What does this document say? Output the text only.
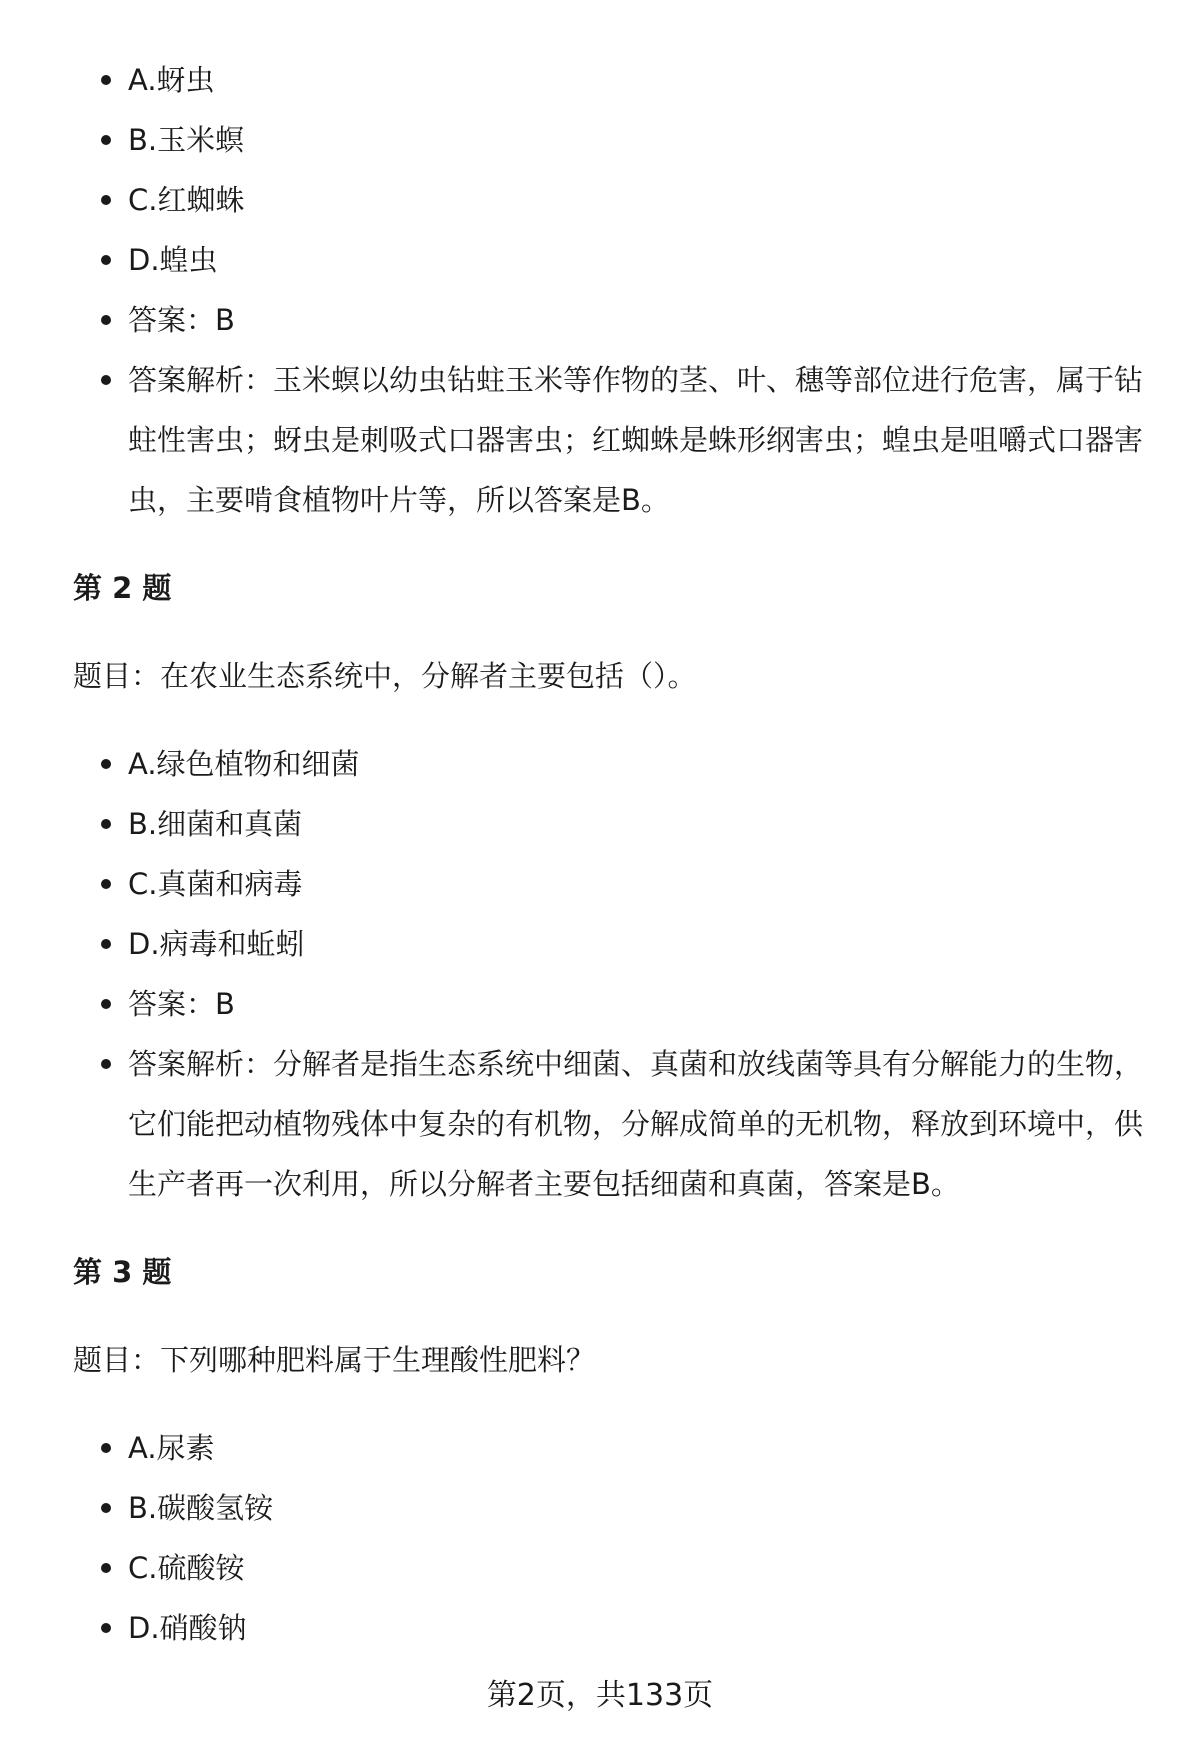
A.蚜虫
B.玉米螟
C.红蜘蛛
D.蝗虫
答案：B
答案解析：玉米螟以幼虫钻蛀玉米等作物的茎、叶、穗等部位进行危害，属于钻蛀性害虫；蚜虫是刺吸式口器害虫；红蜘蛛是蛛形纲害虫；蝗虫是咀嚼式口器害虫，主要啃食植物叶片等，所以答案是B。
第 2 题
题目：在农业生态系统中，分解者主要包括（）。
A.绿色植物和细菌
B.细菌和真菌
C.真菌和病毒
D.病毒和蚯蚓
答案：B
答案解析：分解者是指生态系统中细菌、真菌和放线菌等具有分解能力的生物，它们能把动植物残体中复杂的有机物，分解成简单的无机物，释放到环境中，供生产者再一次利用，所以分解者主要包括细菌和真菌，答案是B。
第 3 题
题目：下列哪种肥料属于生理酸性肥料？
A.尿素
B.碳酸氢铵
C.硫酸铵
D.硝酸钠
第2页，共133页
